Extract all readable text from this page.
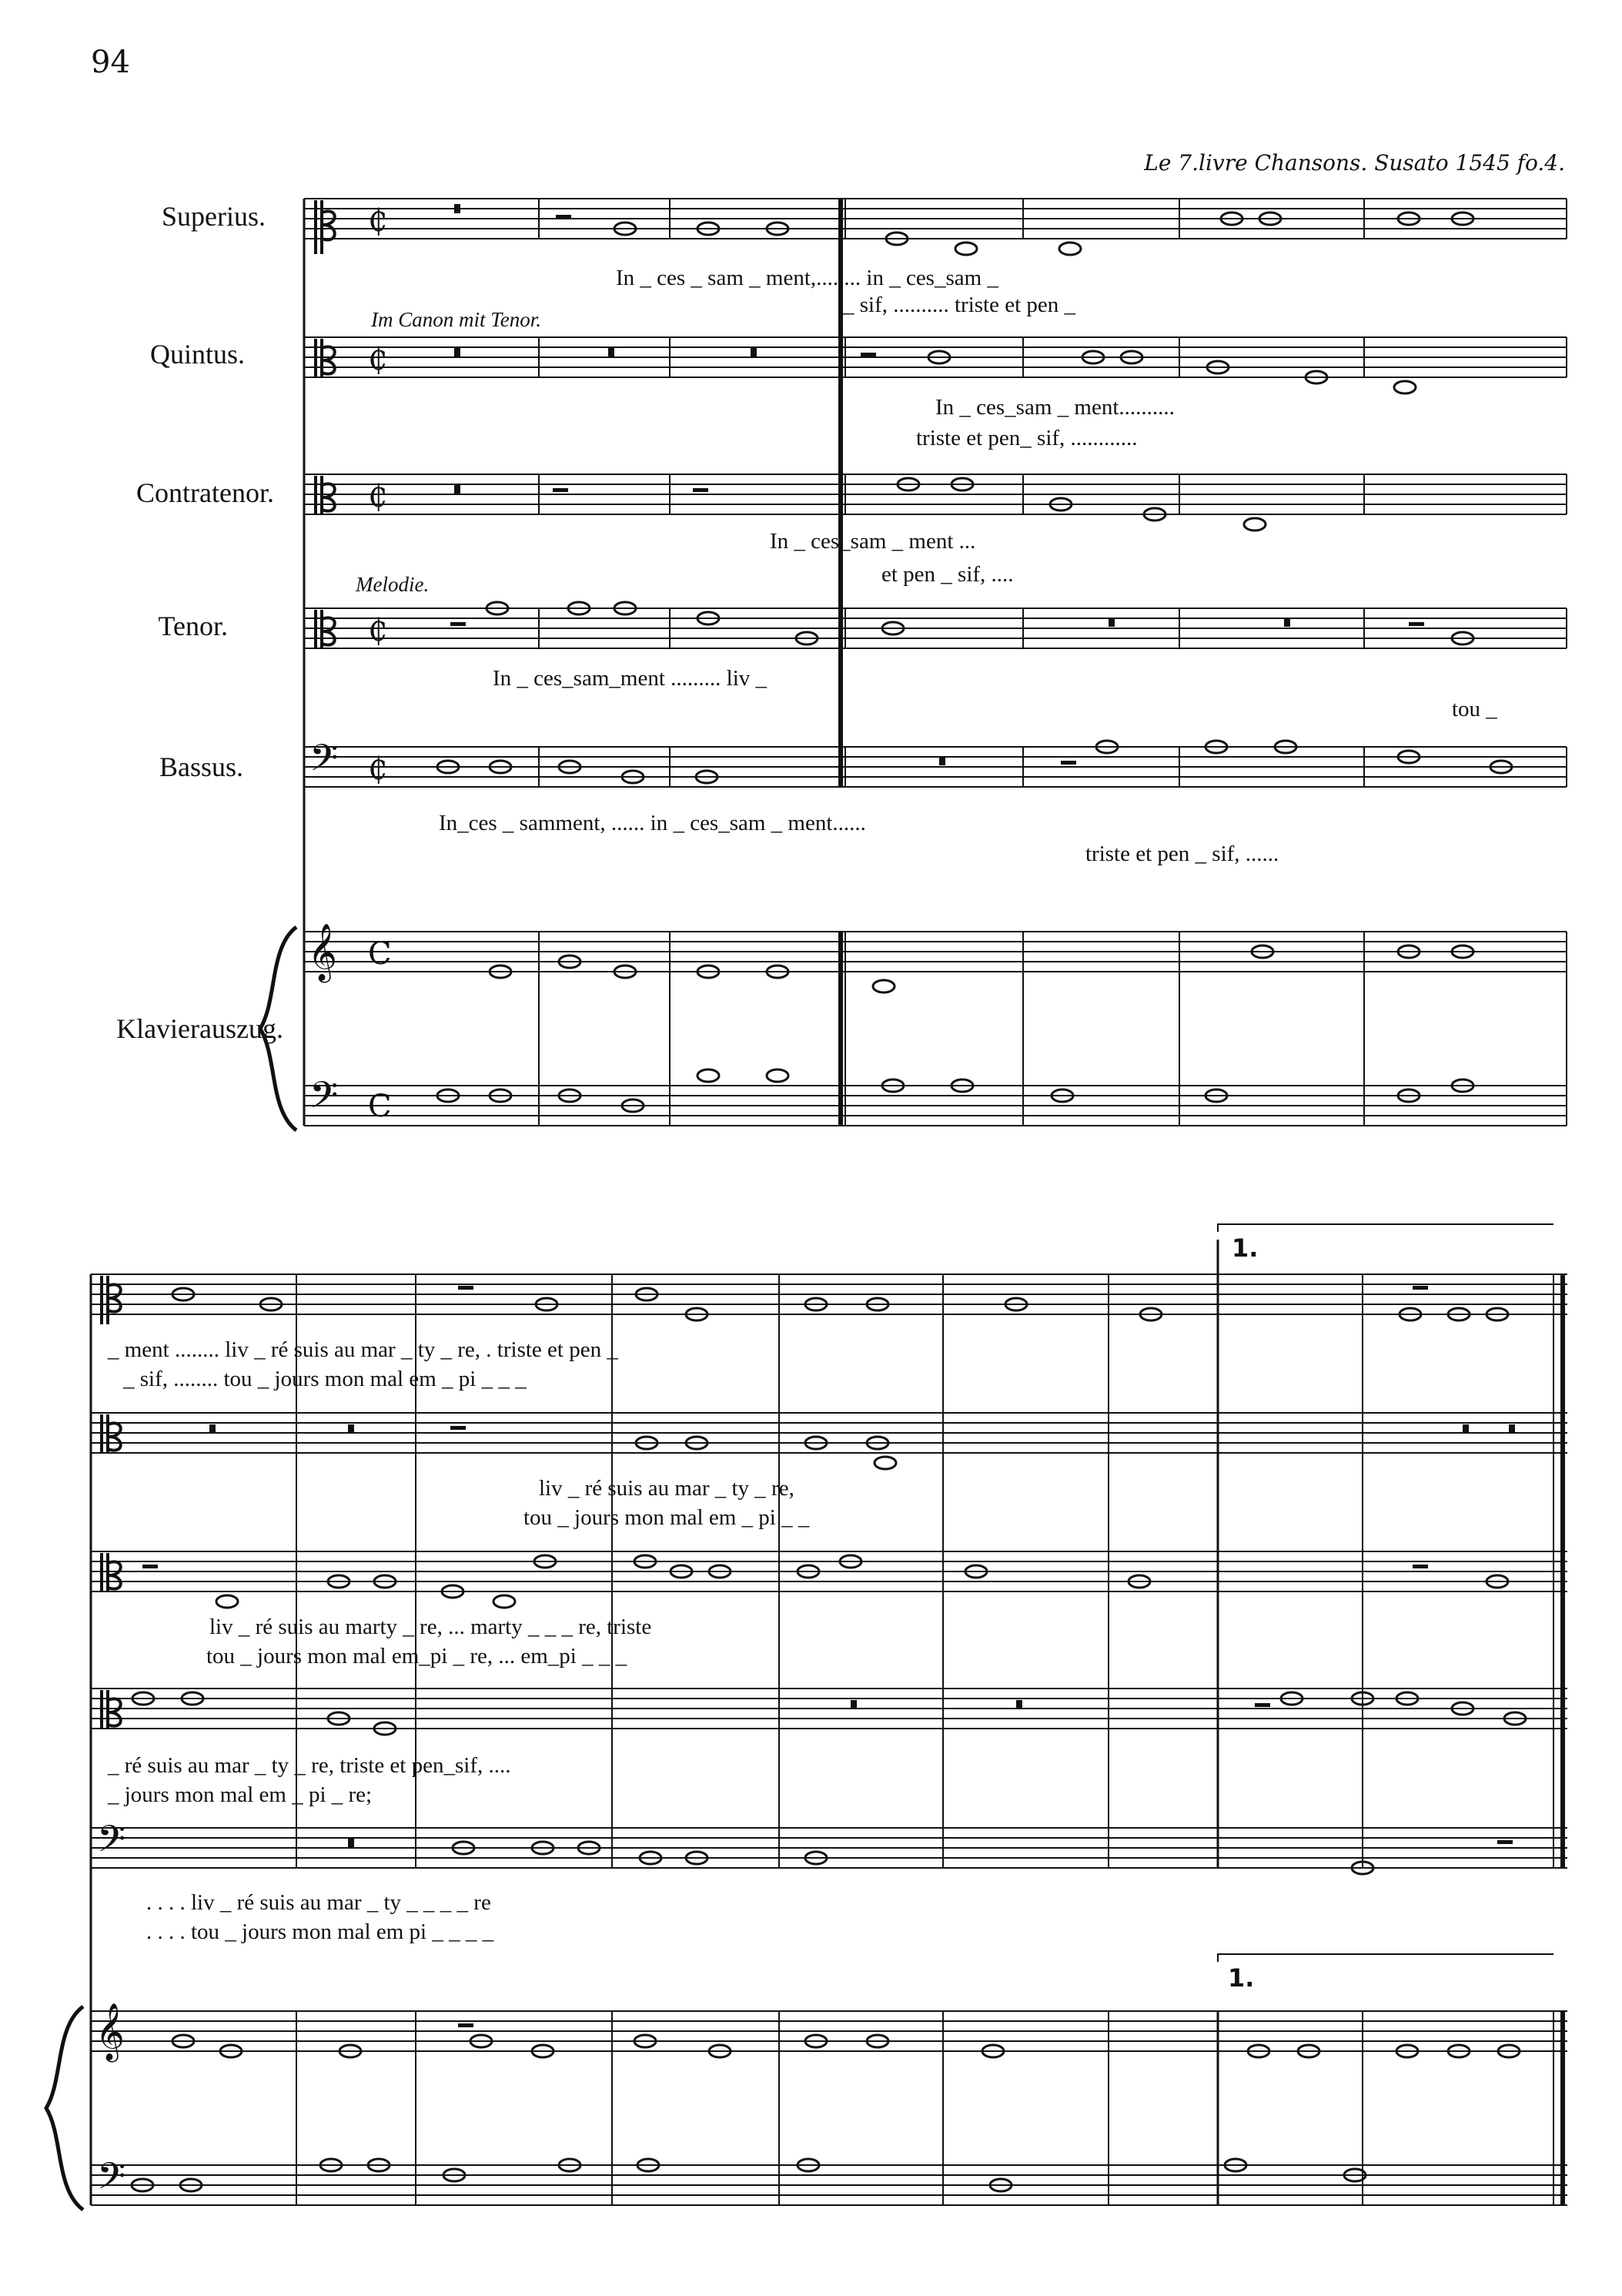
94
Le 7.livre Chansons. Susato 1545 fo.4.
Superius.
Quintus.
Contratenor.
Tenor.
Bassus.
Klavierauszug.
𝄢
𝄢
𝄞
₵
₵
₵
₵
₵
C
C
Im Canon mit Tenor.
Melodie.
In _ ces _ sam _ ment,........ in _ ces_sam _
_ sif, .......... triste et pen _
In _ ces_sam _ ment..........
triste et pen_ sif, ............
In _ ces_sam _ ment ...
et pen _ sif, ....
In _ ces_sam_ment ......... liv _
tou _
In_ces _ samment, ...... in _ ces_sam _ ment......
triste et pen _ sif, ......
1.
1.
𝄢
𝄢
𝄞
_ ment ........ liv _ ré suis au mar _ ty _ re, . triste et pen _
_ sif, ........ tou _ jours mon mal em _ pi _ _ _
liv _ ré suis au mar _ ty _ re,
tou _ jours mon mal em _ pi _ _
liv _ ré suis au marty _ re, ... marty _ _ _ re, triste
tou _ jours mon mal em_pi _ re, ... em_pi _ _ _
_ ré suis au mar _ ty _ re, triste et pen_sif, ....
_ jours mon mal em _ pi _ re;
. . . . liv _ ré suis au mar _ ty _ _ _ _ re
. . . . tou _ jours mon mal em pi _ _ _ _
